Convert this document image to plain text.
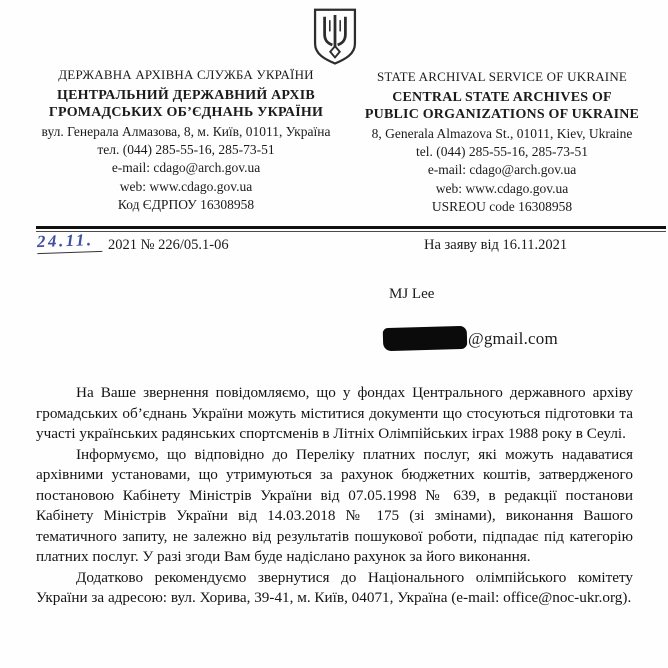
ДЕРЖАВНА АРХІВНА СЛУЖБА УКРАЇНИ
ЦЕНТРАЛЬНИЙ ДЕРЖАВНИЙ АРХІВ
ГРОМАДСЬКИХ ОБ’ЄДНАНЬ УКРАЇНИ
вул. Генерала Алмазова, 8, м. Київ, 01011, Україна
тел. (044) 285-55-16, 285-73-51
e-mail: cdago@arch.gov.ua
web: www.cdago.gov.ua
Код ЄДРПОУ 16308958
STATE ARCHIVAL SERVICE OF UKRAINE
CENTRAL STATE ARCHIVES OF
PUBLIC ORGANIZATIONS OF UKRAINE
8, Generala Almazova St., 01011, Kiev, Ukraine
tel. (044) 285-55-16, 285-73-51
e-mail: cdago@arch.gov.ua
web: www.cdago.gov.ua
USREOU code 16308958
24.11. 2021 № 226/05.1-06	На заяву від 16.11.2021
MJ Lee
@gmail.com

На Ваше звернення повідомляємо, що у фондах Центрального державного архіву громадських об’єднань України можуть міститися документи що стосуються підготовки та участі українських радянських спортсменів в Літніх Олімпійських іграх 1988 року в Сеулі.

Інформуємо, що відповідно до Переліку платних послуг, які можуть надаватися архівними установами, що утримуються за рахунок бюджетних коштів, затвердженого постановою Кабінету Міністрів України від 07.05.1998 № 639, в редакції постанови Кабінету Міністрів України від 14.03.2018 № 175 (зі змінами), виконання Вашого тематичного запиту, не залежно від результатів пошукової роботи, підпадає під категорію платних послуг. У разі згоди Вам буде надіслано рахунок за його виконання.

Додатково рекомендуємо звернутися до Національного олімпійського комітету України за адресою: вул. Хорива, 39-41, м. Київ, 04071, Україна (e-mail: office@noc-ukr.org).
